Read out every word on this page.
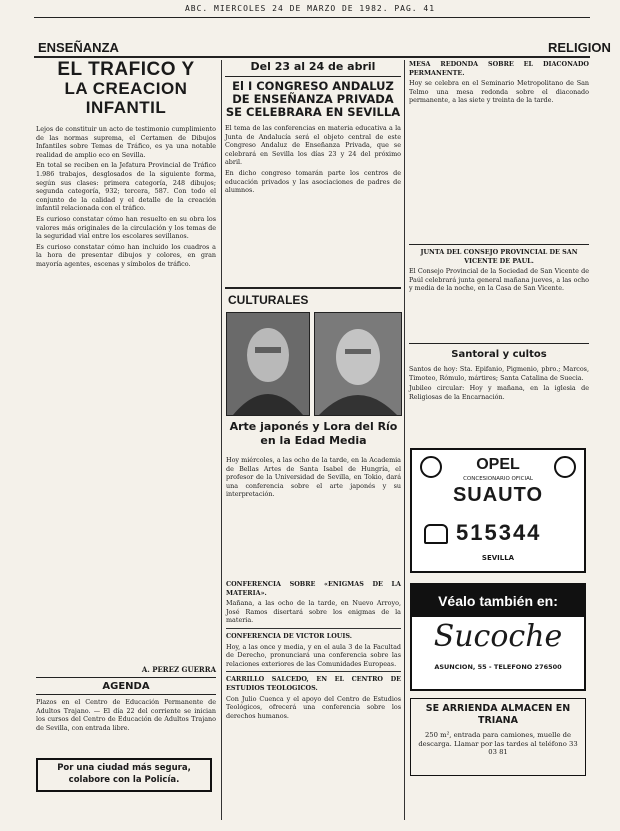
ABC. MIERCOLES 24 DE MARZO DE 1982. PAG. 41
ENSEÑANZA	RELIGION
EL TRAFICO Y
LA CREACION INFANTIL

Lejos de constituir un acto de testimonio cumplimiento de las normas suprema, el Certamen de Dibujos Infantiles sobre Temas de Tráfico, es ya una notable realidad de amplio eco en Sevilla.

En total se reciben en la Jefatura Provincial de Tráfico 1.986 trabajos, desglosados de la siguiente forma, según sus clases: primera categoría, 248 dibujos; segunda categoría, 932; tercera, 587. Con todo el conjunto de la calidad y el detalle de la creación infantil relacionada con el tráfico.

Es curioso constatar cómo han resuelto en su obra los valores más originales de la circulación y los temas de la seguridad vial entre los escolares sevillanos.

Es curioso constatar cómo han incluido los cuadros a la hora de presentar dibujos y colores, en gran mayoría agentes, escenas y símbolos de tráfico.

A. PEREZ GUERRA
AGENDA

Plazos en el Centro de Educación Permanente de Adultos Trajano. — El día 22 del corriente se inician los cursos del Centro de Educación de Adultos Trajano de Sevilla, con entrada libre.

Por una ciudad más segura, colabore con la Policía.
Del 23 al 24 de abril
El I CONGRESO ANDALUZ DE ENSEÑANZA PRIVADA SE CELEBRARA EN SEVILLA

El tema de las conferencias en materia educativa a la Junta de Andalucía será el objeto central de este Congreso Andaluz de Enseñanza Privada, que se celebrará en Sevilla los días 23 y 24 del próximo abril.

En dicho congreso tomarán parte los centros de educación privados y las asociaciones de padres de alumnos.

CULTURALES
Arte japonés y Lora del Río en la Edad Media

Hoy miércoles, a las ocho de la tarde, en la Academia de Bellas Artes de Santa Isabel de Hungría, el profesor de la Universidad de Sevilla, en Tokio, dará una conferencia sobre el arte japonés y su interpretación.

CONFERENCIA SOBRE «ENIGMAS DE LA MATERIA».

Mañana, a las ocho de la tarde, en Nuevo Arroyo, José Ramos disertará sobre los enigmas de la materia.

CONFERENCIA DE VICTOR LOUIS.

Hoy, a las once y media, y en el aula 3 de la Facultad de Derecho, pronunciará una conferencia sobre las relaciones exteriores de las Comunidades Europeas.

CARRILLO SALCEDO, EN EL CENTRO DE ESTUDIOS TEOLOGICOS.

Con Julio Cuenca y el apoyo del Centro de Estudios Teológicos, ofrecerá una conferencia sobre los derechos humanos.

MESA REDONDA SOBRE EL DIACONADO PERMANENTE.

Hoy se celebra en el Seminario Metropolitano de San Telmo una mesa redonda sobre el diaconado permanente, a las siete y treinta de la tarde.

JUNTA DEL CONSEJO PROVINCIAL DE SAN VICENTE DE PAUL.

El Consejo Provincial de la Sociedad de San Vicente de Paúl celebrará junta general mañana jueves, a las ocho y media de la noche, en la Casa de San Vicente.

Santoral y cultos

Santos de hoy: Sta. Epifanio, Pigmenio, pbro.; Marcos, Timoteo, Rómulo, mártires; Santa Catalina de Suecia.

Jubileo circular: Hoy y mañana, en la iglesia de Religiosas de la Encarnación.

OPEL
CONCESIONARIO OFICIAL
SUAUTO
515344
SEVILLA
Véalo también en:
Sucoche
ASUNCION, 55 - TELEFONO 276500
SE ARRIENDA ALMACEN EN TRIANA

250 m², entrada para camiones, muelle de descarga. Llamar por las tardes al teléfono 33 03 81
